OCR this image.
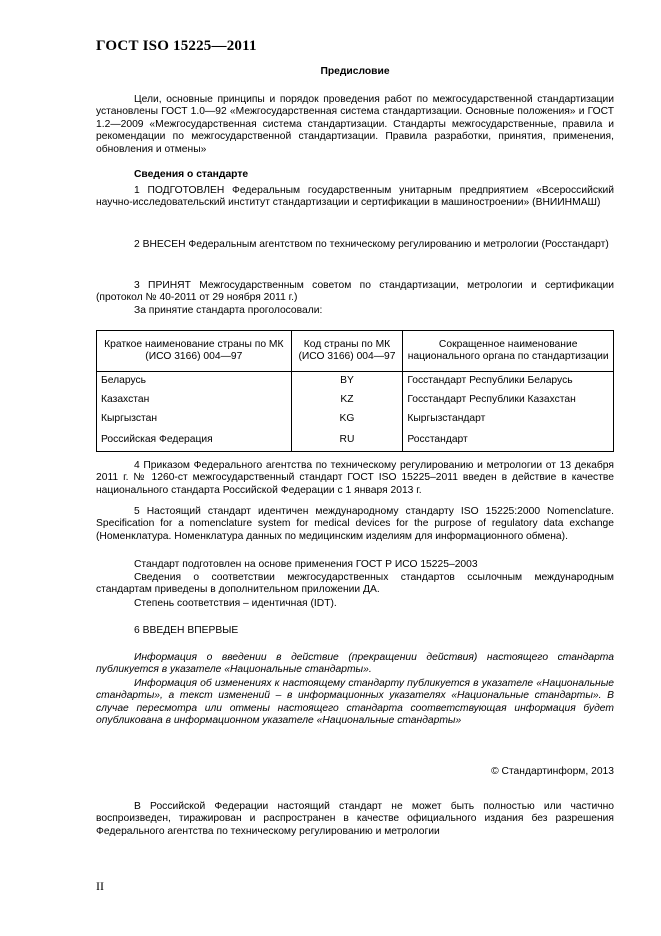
ГОСТ ISO 15225—2011
Предисловие
Цели, основные принципы и порядок проведения работ по межгосударственной стандартизации установлены ГОСТ 1.0—92 «Межгосударственная система стандартизации. Основные положения» и ГОСТ 1.2—2009 «Межгосударственная система стандартизации. Стандарты межгосударственные, правила и рекомендации по межгосударственной стандартизации. Правила разработки, принятия, применения, обновления и отмены»
Сведения о стандарте
1 ПОДГОТОВЛЕН Федеральным государственным унитарным предприятием «Всероссийский научно-исследовательский институт стандартизации и сертификации в машиностроении» (ВНИИНМАШ)
2 ВНЕСЕН Федеральным агентством по техническому регулированию и метрологии (Росстандарт)
3 ПРИНЯТ Межгосударственным советом по стандартизации, метрологии и сертификации (протокол № 40-2011 от 29 ноября 2011 г.)
За принятие стандарта проголосовали:
Краткое наименование страны по МК (ИСО 3166) 004—97	Код страны по МК (ИСО 3166) 004—97	Сокращенное наименование национального органа по стандартизации
Беларусь	BY	Госстандарт Республики Беларусь
Казахстан	KZ	Госстандарт Республики Казахстан
Кыргызстан	KG	Кыргызстандарт
Российская Федерация	RU	Росстандарт
4 Приказом Федерального агентства по техническому регулированию и метрологии от 13 декабря 2011 г. № 1260-ст межгосударственный стандарт ГОСТ ISO 15225–2011 введен в действие в качестве национального стандарта Российской Федерации с 1 января 2013 г.
5 Настоящий стандарт идентичен международному стандарту ISO 15225:2000 Nomenclature. Specification for a nomenclature system for medical devices for the purpose of regulatory data exchange (Номенклатура. Номенклатура данных по медицинским изделиям для информационного обмена).
Стандарт подготовлен на основе применения ГОСТ Р ИСО 15225–2003
Сведения о соответствии межгосударственных стандартов ссылочным международным стандартам приведены в дополнительном приложении ДА.
Степень соответствия – идентичная (IDT).
6 ВВЕДЕН ВПЕРВЫЕ
Информация о введении в действие (прекращении действия) настоящего стандарта публикуется в указателе «Национальные стандарты».
Информация об изменениях к настоящему стандарту публикуется в указателе «Национальные стандарты», а текст изменений – в информационных указателях «Национальные стандарты». В случае пересмотра или отмены настоящего стандарта соответствующая информация будет опубликована в информационном указателе «Национальные стандарты»
© Стандартинформ, 2013
В Российской Федерации настоящий стандарт не может быть полностью или частично воспроизведен, тиражирован и распространен в качестве официального издания без разрешения Федерального агентства по техническому регулированию и метрологии
II
